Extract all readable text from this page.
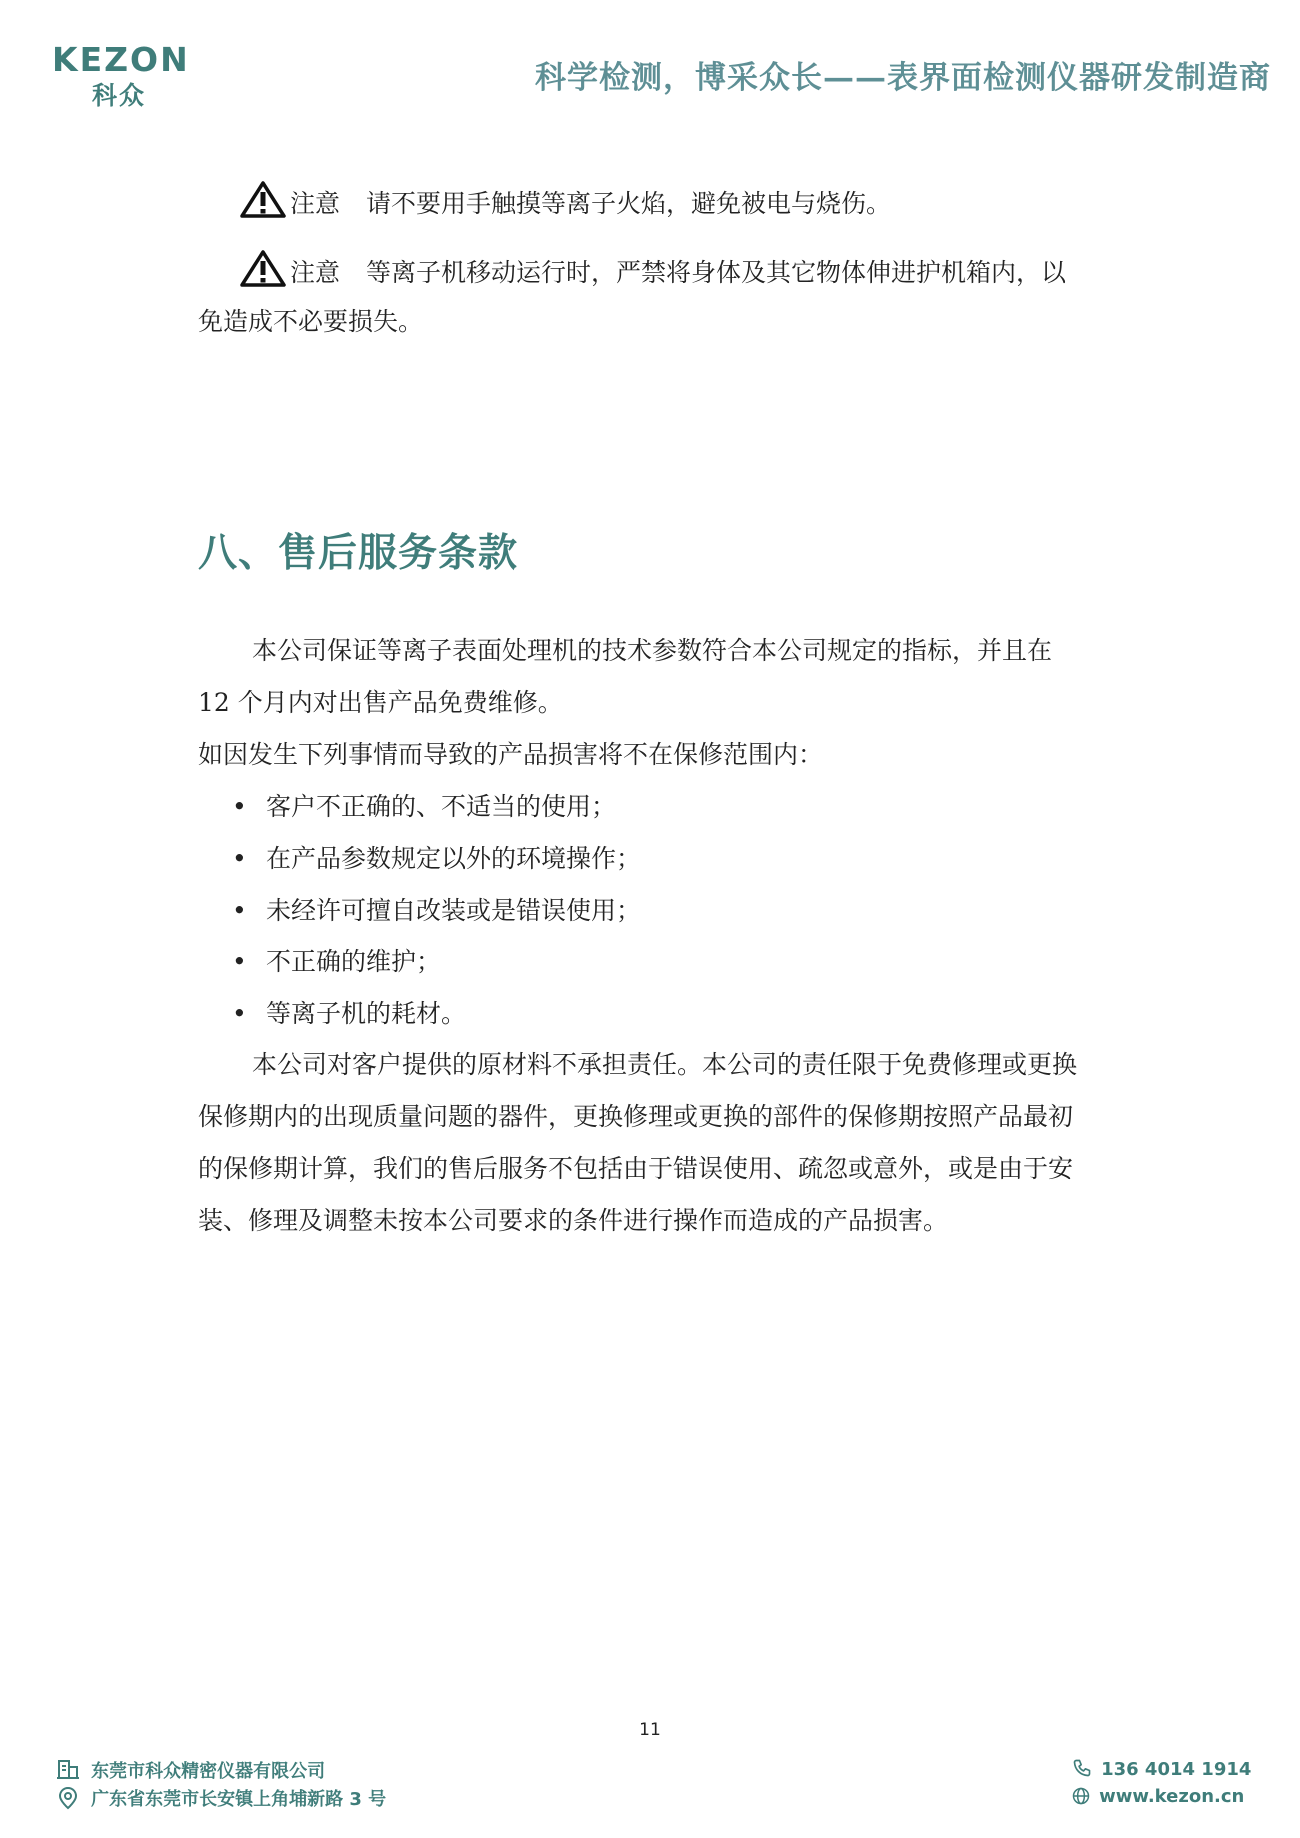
KEZON
科众	科学检测，博采众长——表界面检测仪器研发制造商
注意 请不要用手触摸等离子火焰，避免被电与烧伤。
注意 等离子机移动运行时，严禁将身体及其它物体伸进护机箱内，以
免造成不必要损失。
八、售后服务条款
本公司保证等离子表面处理机的技术参数符合本公司规定的指标，并且在
12 个月内对出售产品免费维修。
如因发生下列事情而导致的产品损害将不在保修范围内：
• 客户不正确的、不适当的使用；
• 在产品参数规定以外的环境操作；
• 未经许可擅自改装或是错误使用；
• 不正确的维护；
• 等离子机的耗材。
本公司对客户提供的原材料不承担责任。本公司的责任限于免费修理或更换
保修期内的出现质量问题的器件，更换修理或更换的部件的保修期按照产品最初
的保修期计算，我们的售后服务不包括由于错误使用、疏忽或意外，或是由于安
装、修理及调整未按本公司要求的条件进行操作而造成的产品损害。
11
东莞市科众精密仪器有限公司
广东省东莞市长安镇上角埔新路 3 号
136 4014 1914
www.kezon.cn
